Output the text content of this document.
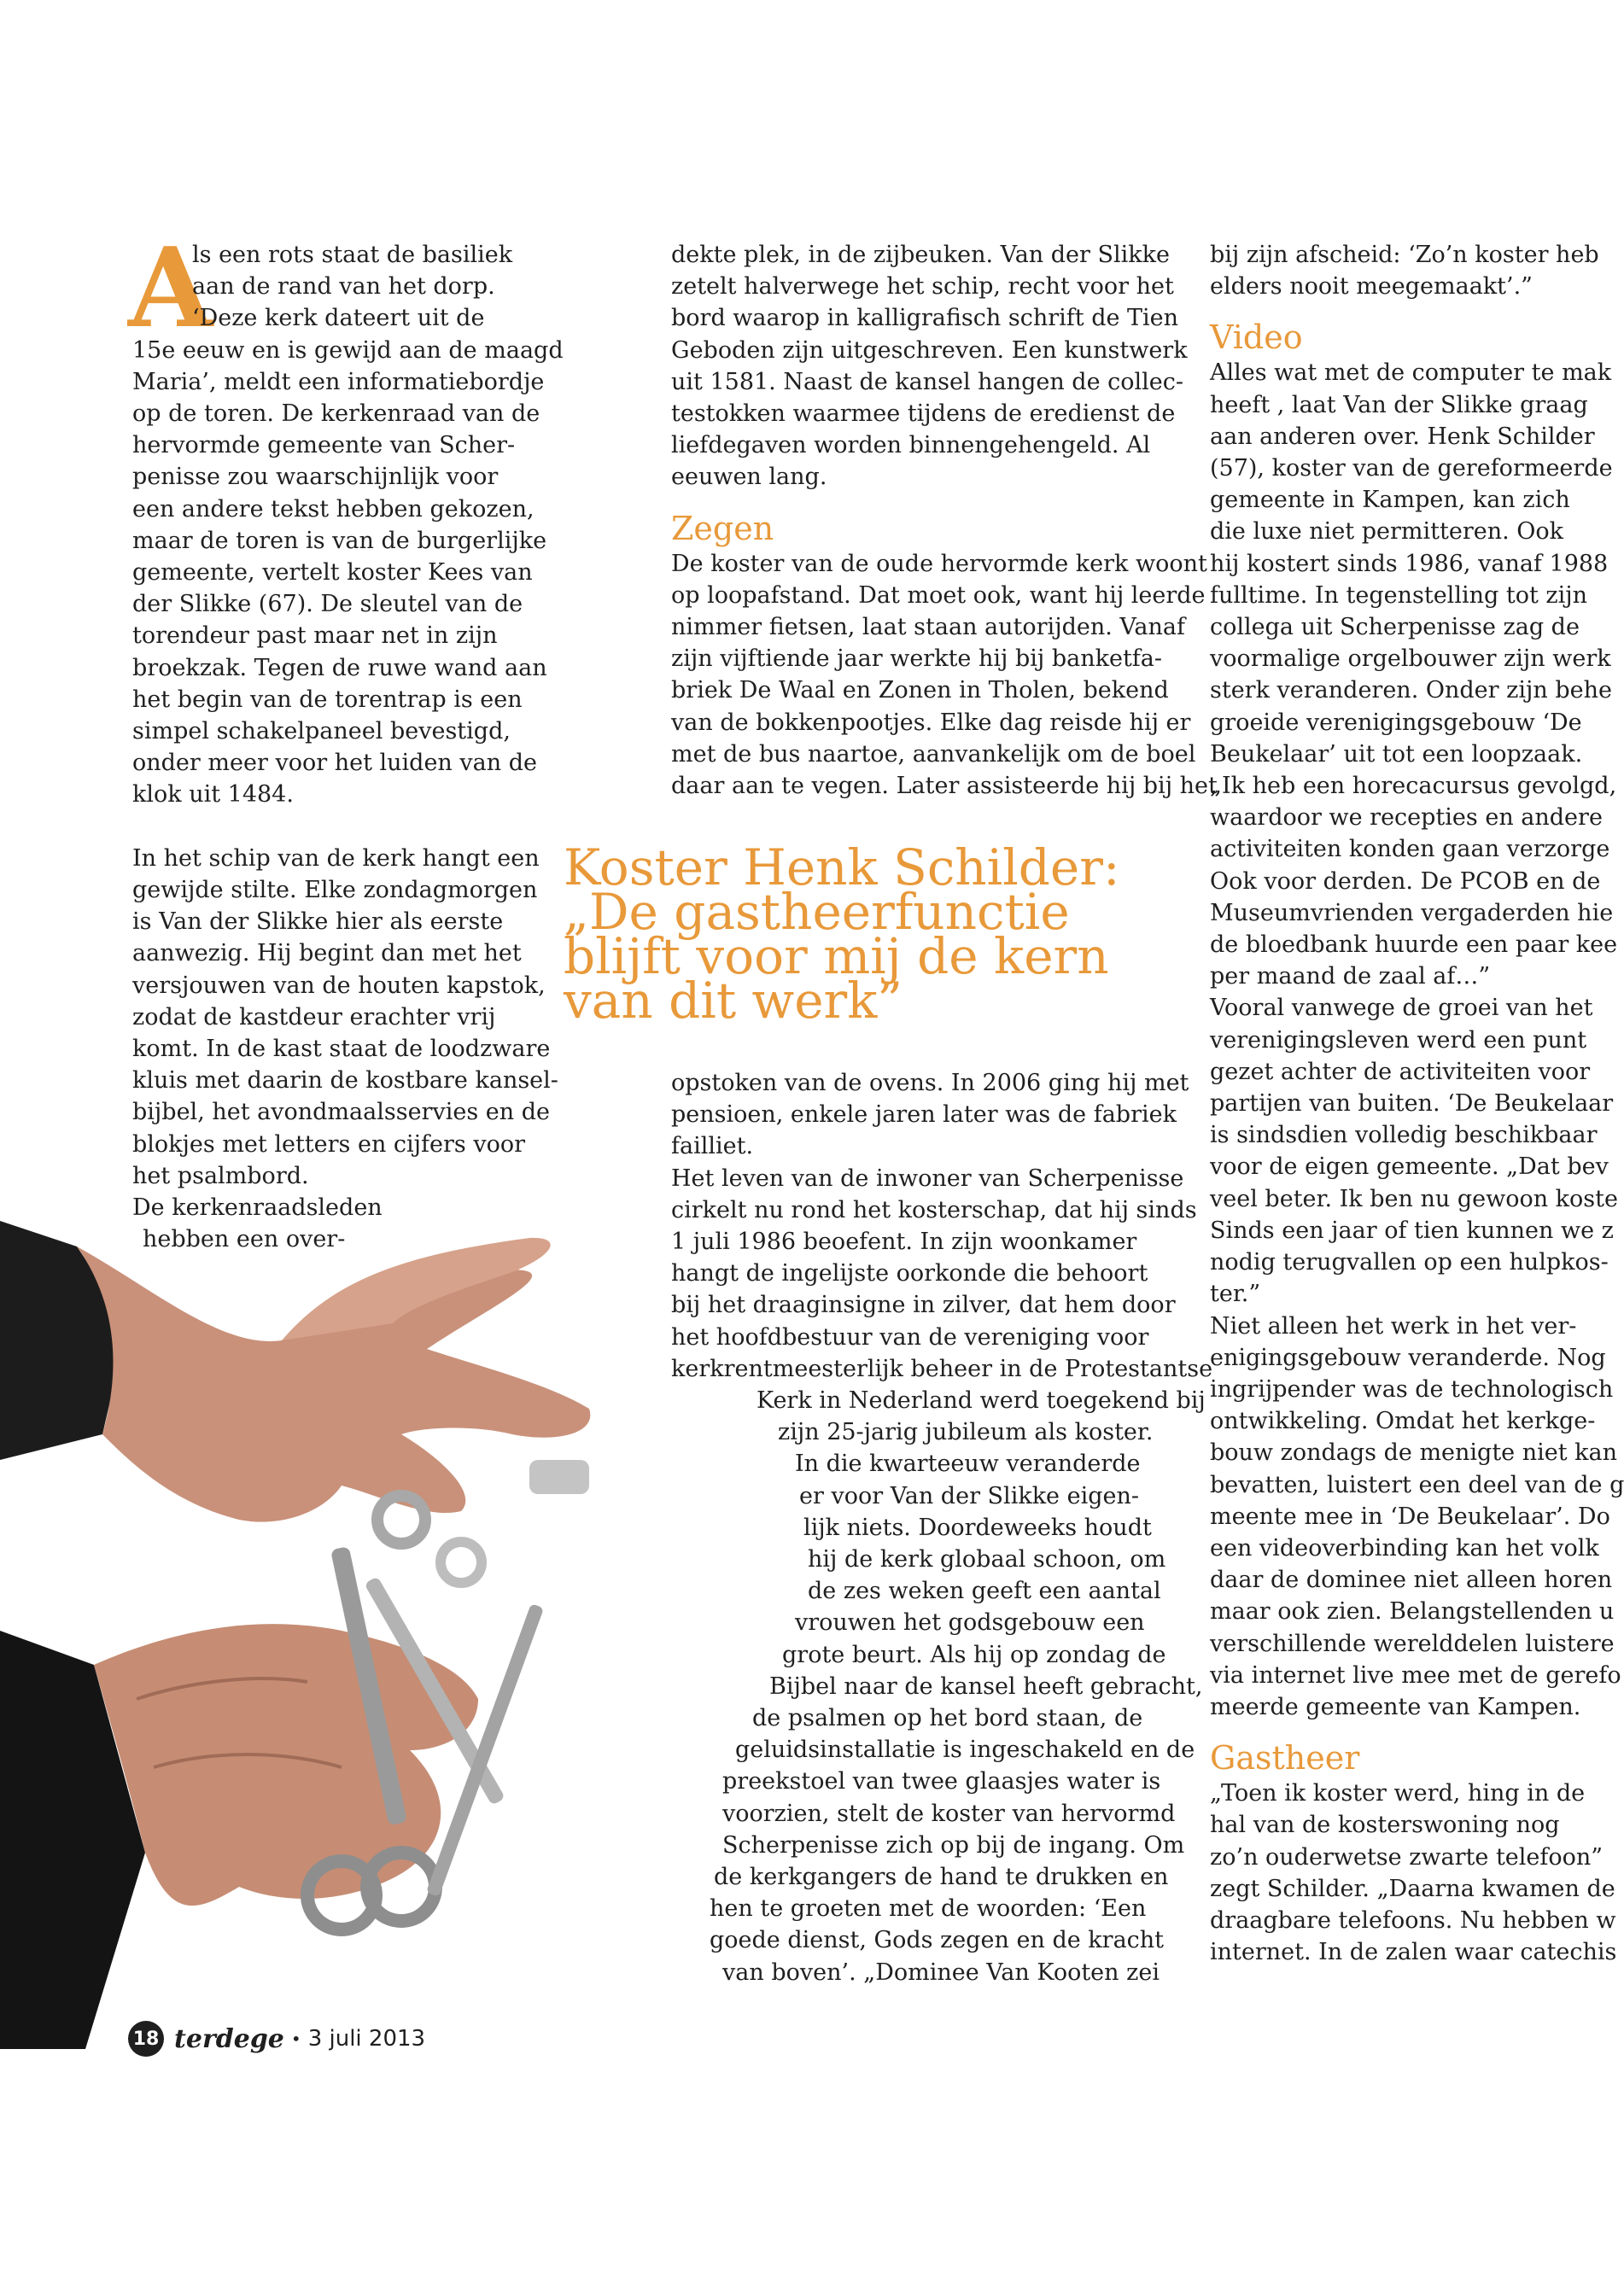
A
ls een rots staat de basiliek
aan de rand van het dorp.
‘Deze kerk dateert uit de
15e eeuw en is gewijd aan de maagd
Maria’, meldt een informatiebordje
op de toren. De kerkenraad van de
hervormde gemeente van Scher-
penisse zou waarschijnlijk voor
een andere tekst hebben gekozen,
maar de toren is van de burgerlijke
gemeente, vertelt koster Kees van
der Slikke (67). De sleutel van de
torendeur past maar net in zijn
broekzak. Tegen de ruwe wand aan
het begin van de torentrap is een
simpel schakelpaneel bevestigd,
onder meer voor het luiden van de
klok uit 1484.
In het schip van de kerk hangt een
gewijde stilte. Elke zondagmorgen
is Van der Slikke hier als eerste
aanwezig. Hij begint dan met het
versjouwen van de houten kapstok,
zodat de kastdeur erachter vrij
komt. In de kast staat de loodzware
kluis met daarin de kostbare kansel-
bijbel, het avondmaalsservies en de
blokjes met letters en cijfers voor
het psalmbord.
De kerkenraadsleden
hebben een over-
dekte plek, in de zijbeuken. Van der Slikke
zetelt halverwege het schip, recht voor het
bord waarop in kalligrafisch schrift de Tien
Geboden zijn uitgeschreven. Een kunstwerk
uit 1581. Naast de kansel hangen de collec-
testokken waarmee tijdens de eredienst de
liefdegaven worden binnengehengeld. Al
eeuwen lang.
Zegen
De koster van de oude hervormde kerk woont
op loopafstand. Dat moet ook, want hij leerde
nimmer fietsen, laat staan autorijden. Vanaf
zijn vijftiende jaar werkte hij bij banketfa-
briek De Waal en Zonen in Tholen, bekend
van de bokkenpootjes. Elke dag reisde hij er
met de bus naartoe, aanvankelijk om de boel
daar aan te vegen. Later assisteerde hij bij het
Koster Henk Schilder:
„De gastheerfunctie
blijft voor mij de kern
van dit werk”
opstoken van de ovens. In 2006 ging hij met
pensioen, enkele jaren later was de fabriek
failliet.
Het leven van de inwoner van Scherpenisse
cirkelt nu rond het kosterschap, dat hij sinds
1 juli 1986 beoefent. In zijn woonkamer
hangt de ingelijste oorkonde die behoort
bij het draaginsigne in zilver, dat hem door
het hoofdbestuur van de vereniging voor
kerkrentmeesterlijk beheer in de Protestantse
Kerk in Nederland werd toegekend bij
zijn 25-jarig jubileum als koster.
In die kwarteeuw veranderde
er voor Van der Slikke eigen-
lijk niets. Doordeweeks houdt
hij de kerk globaal schoon, om
de zes weken geeft een aantal
vrouwen het godsgebouw een
grote beurt. Als hij op zondag de
Bijbel naar de kansel heeft gebracht,
de psalmen op het bord staan, de
geluidsinstallatie is ingeschakeld en de
preekstoel van twee glaasjes water is
voorzien, stelt de koster van hervormd
Scherpenisse zich op bij de ingang. Om
de kerkgangers de hand te drukken en
hen te groeten met de woorden: ‘Een
goede dienst, Gods zegen en de kracht
van boven’. „Dominee Van Kooten zei
bij zijn afscheid: ‘Zo’n koster heb
elders nooit meegemaakt’.”
Video
Alles wat met de computer te mak
heeft , laat Van der Slikke graag
aan anderen over. Henk Schilder
(57), koster van de gereformeerde
gemeente in Kampen, kan zich
die luxe niet permitteren. Ook
hij kostert sinds 1986, vanaf 1988
fulltime. In tegenstelling tot zijn
collega uit Scherpenisse zag de
voormalige orgelbouwer zijn werk
sterk veranderen. Onder zijn behe
groeide verenigingsgebouw ‘De
Beukelaar’ uit tot een loopzaak.
„Ik heb een horecacursus gevolgd,
waardoor we recepties en andere
activiteiten konden gaan verzorge
Ook voor derden. De PCOB en de
Museumvrienden vergaderden hie
de bloedbank huurde een paar kee
per maand de zaal af…”
Vooral vanwege de groei van het
verenigingsleven werd een punt
gezet achter de activiteiten voor
partijen van buiten. ‘De Beukelaar
is sindsdien volledig beschikbaar
voor de eigen gemeente. „Dat bev
veel beter. Ik ben nu gewoon koste
Sinds een jaar of tien kunnen we z
nodig terugvallen op een hulpkos-
ter.”
Niet alleen het werk in het ver-
enigingsgebouw veranderde. Nog
ingrijpender was de technologisch
ontwikkeling. Omdat het kerkge-
bouw zondags de menigte niet kan
bevatten, luistert een deel van de g
meente mee in ‘De Beukelaar’. Do
een videoverbinding kan het volk
daar de dominee niet alleen horen
maar ook zien. Belangstellenden u
verschillende werelddelen luistere
via internet live mee met de gerefo
meerde gemeente van Kampen.
Gastheer
„Toen ik koster werd, hing in de
hal van de kosterswoning nog
zo’n ouderwetse zwarte telefoon”
zegt Schilder. „Daarna kwamen de
draagbare telefoons. Nu hebben w
internet. In de zalen waar catechis
18 terdege • 3 juli 2013
